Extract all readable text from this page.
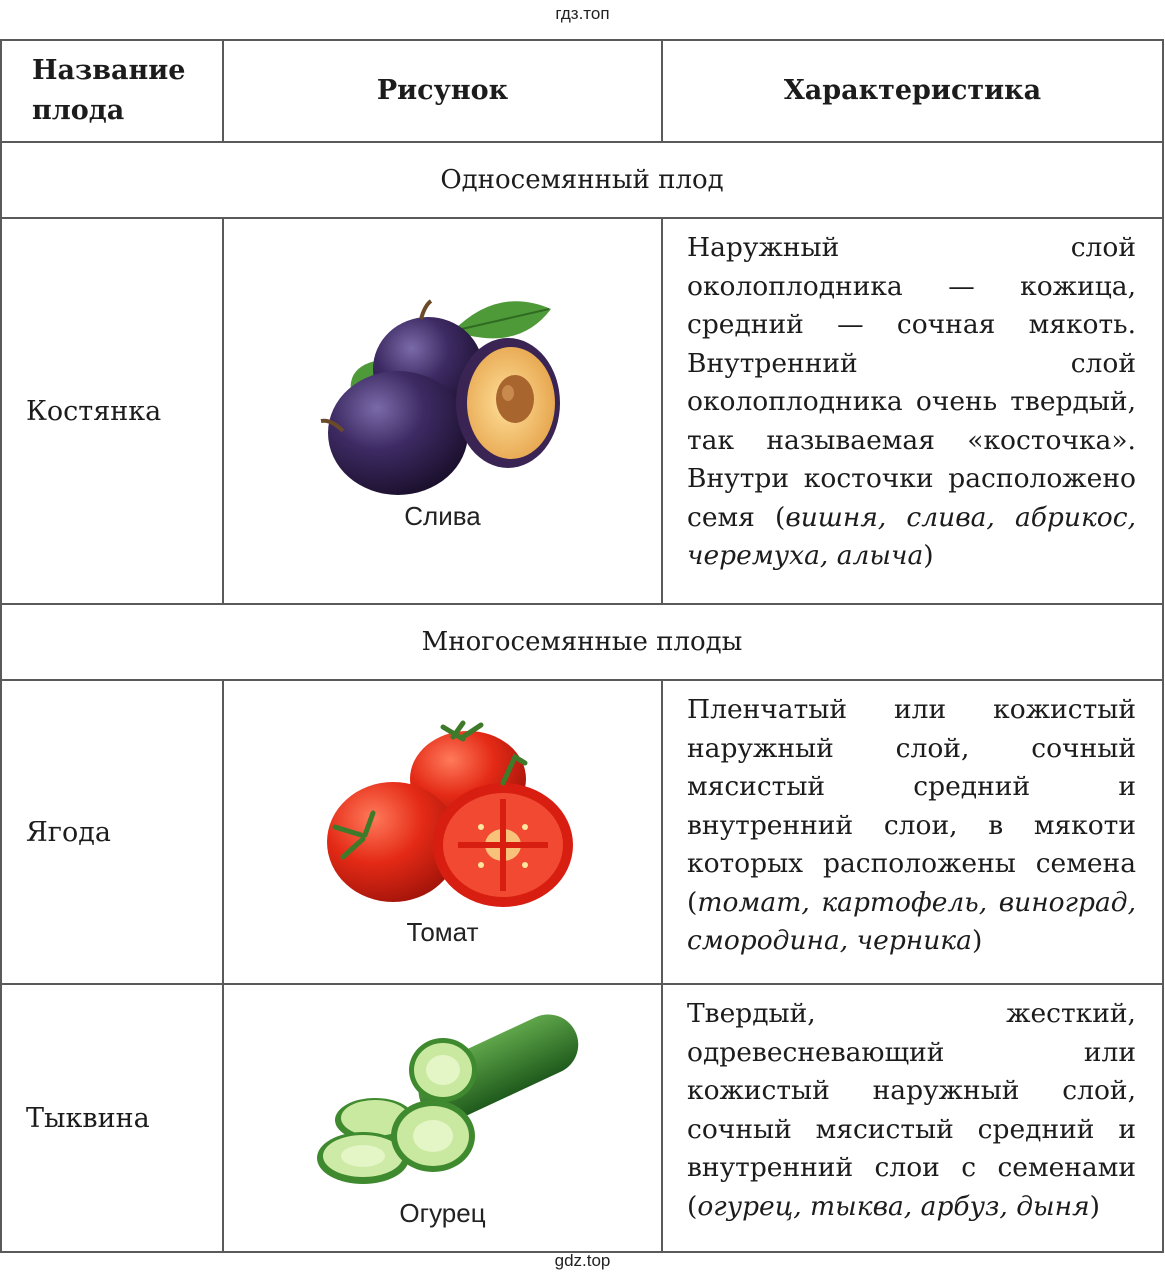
гдз.топ
Название плода	Рисунок	Характеристика
Односемянный плод		
Костянка	Слива	Наружный слой околоплодника — кожица, средний — сочная мякоть. Внутренний слой околоплодника очень твердый, так называемая «косточка». Внутри косточки расположено семя (вишня, слива, абрикос, черемуха, алыча)
Многосемянные плоды		
Ягода	Томат	Пленчатый или кожистый наружный слой, сочный мясистый средний и внутренний слои, в мякоти которых расположены семена (томат, картофель, виноград, смородина, черника)
Тыквина	Огурец	Твердый, жесткий, одревесневающий или кожистый наружный слой, сочный мясистый средний и внутренний слои с семенами (огурец, тыква, арбуз, дыня)
gdz.top
